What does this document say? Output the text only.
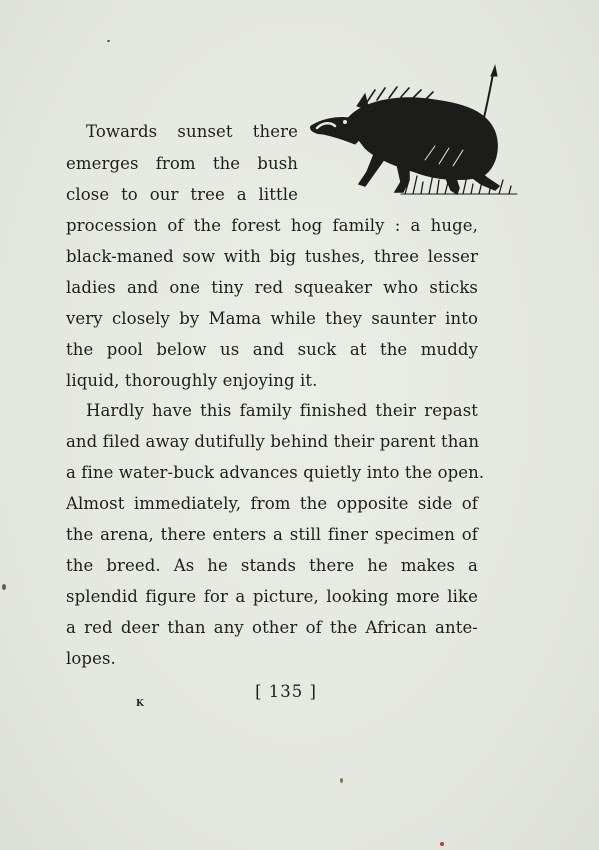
Towards sunset there
emerges from the bush
close to our tree a little
procession of the forest hog family : a huge,
black-maned sow with big tushes, three lesser
ladies and one tiny red squeaker who sticks
very closely by Mama while they saunter into
the pool below us and suck at the muddy
liquid, thoroughly enjoying it.
Hardly have this family finished their repast
and filed away dutifully behind their parent than
a fine water-buck advances quietly into the open.
Almost immediately, from the opposite side of
the arena, there enters a still finer specimen of
the breed. As he stands there he makes a
splendid figure for a picture, looking more like
a red deer than any other of the African ante-
lopes.
[ 135 ]
K
